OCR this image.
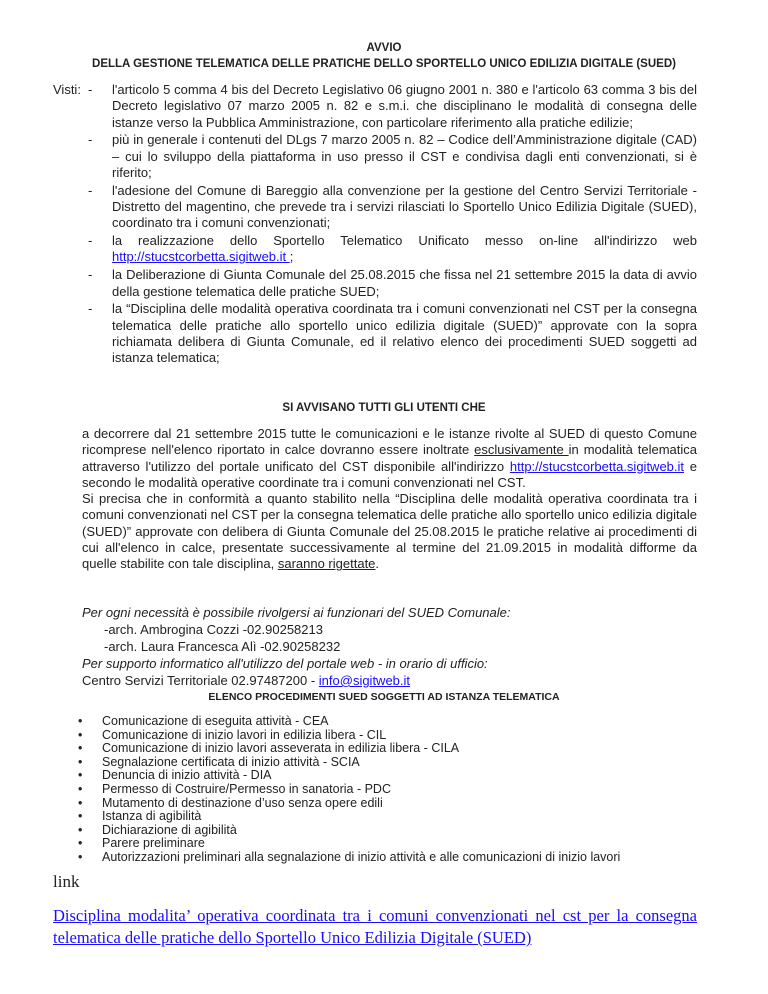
AVVIO
DELLA GESTIONE TELEMATICA DELLE PRATICHE DELLO SPORTELLO UNICO EDILIZIA DIGITALE (SUED)
Visti: - l'articolo 5 comma 4 bis del Decreto Legislativo 06 giugno 2001 n. 380 e l'articolo 63 comma 3 bis del Decreto legislativo 07 marzo 2005 n. 82 e s.m.i. che disciplinano le modalità di consegna delle istanze verso la Pubblica Amministrazione, con particolare riferimento alla pratiche edilizie;
- più in generale i contenuti del DLgs 7 marzo 2005 n. 82 – Codice dell’Amministrazione digitale (CAD) – cui lo sviluppo della piattaforma in uso presso il CST e condivisa dagli enti convenzionati, si è riferito;
- l'adesione del Comune di Bareggio alla convenzione per la gestione del Centro Servizi Territoriale -Distretto del magentino, che prevede tra i servizi rilasciati lo Sportello Unico Edilizia Digitale (SUED), coordinato tra i comuni convenzionati;
- la realizzazione dello Sportello Telematico Unificato messo on-line all'indirizzo web http://stucstcorbetta.sigitweb.it ;
- la Deliberazione di Giunta Comunale del 25.08.2015 che fissa nel 21 settembre 2015 la data di avvio della gestione telematica delle pratiche SUED;
- la “Disciplina delle modalità operativa coordinata tra i comuni convenzionati nel CST per la consegna telematica delle pratiche allo sportello unico edilizia digitale (SUED)” approvate con la sopra richiamata delibera di Giunta Comunale, ed il relativo elenco dei procedimenti SUED soggetti ad istanza telematica;
SI AVVISANO TUTTI GLI UTENTI CHE

a decorrere dal 21 settembre 2015 tutte le comunicazioni e le istanze rivolte al SUED di questo Comune ricomprese nell'elenco riportato in calce dovranno essere inoltrate esclusivamente in modalità telematica attraverso l'utilizzo del portale unificato del CST disponibile all'indirizzo http://stucstcorbetta.sigitweb.it e secondo le modalità operative coordinate tra i comuni convenzionati nel CST.

Si precisa che in conformità a quanto stabilito nella “Disciplina delle modalità operativa coordinata tra i comuni convenzionati nel CST per la consegna telematica delle pratiche allo sportello unico edilizia digitale (SUED)” approvate con delibera di Giunta Comunale del 25.08.2015 le pratiche relative ai procedimenti di cui all'elenco in calce, presentate successivamente al termine del 21.09.2015 in modalità difforme da quelle stabilite con tale disciplina, saranno rigettate.

Per ogni necessità è possibile rivolgersi ai funzionari del SUED Comunale:
-arch. Ambrogina Cozzi -02.90258213
-arch. Laura Francesca Alì -02.90258232
Per supporto informatico all'utilizzo del portale web - in orario di ufficio:
Centro Servizi Territoriale 02.97487200 - info@sigitweb.it
ELENCO PROCEDIMENTI SUED SOGGETTI AD ISTANZA TELEMATICA
• Comunicazione di eseguita attività - CEA
• Comunicazione di inizio lavori in edilizia libera - CIL
• Comunicazione di inizio lavori asseverata in edilizia libera - CILA
• Segnalazione certificata di inizio attività - SCIA
• Denuncia di inizio attività - DIA
• Permesso di Costruire/Permesso in sanatoria - PDC
• Mutamento di destinazione d’uso senza opere edili
• Istanza di agibilità
• Dichiarazione di agibilità
• Parere preliminare
• Autorizzazioni preliminari alla segnalazione di inizio attività e alle comunicazioni di inizio lavori
link
Disciplina modalita’ operativa coordinata tra i comuni convenzionati nel cst per la consegna telematica delle pratiche dello Sportello Unico Edilizia Digitale (SUED)
